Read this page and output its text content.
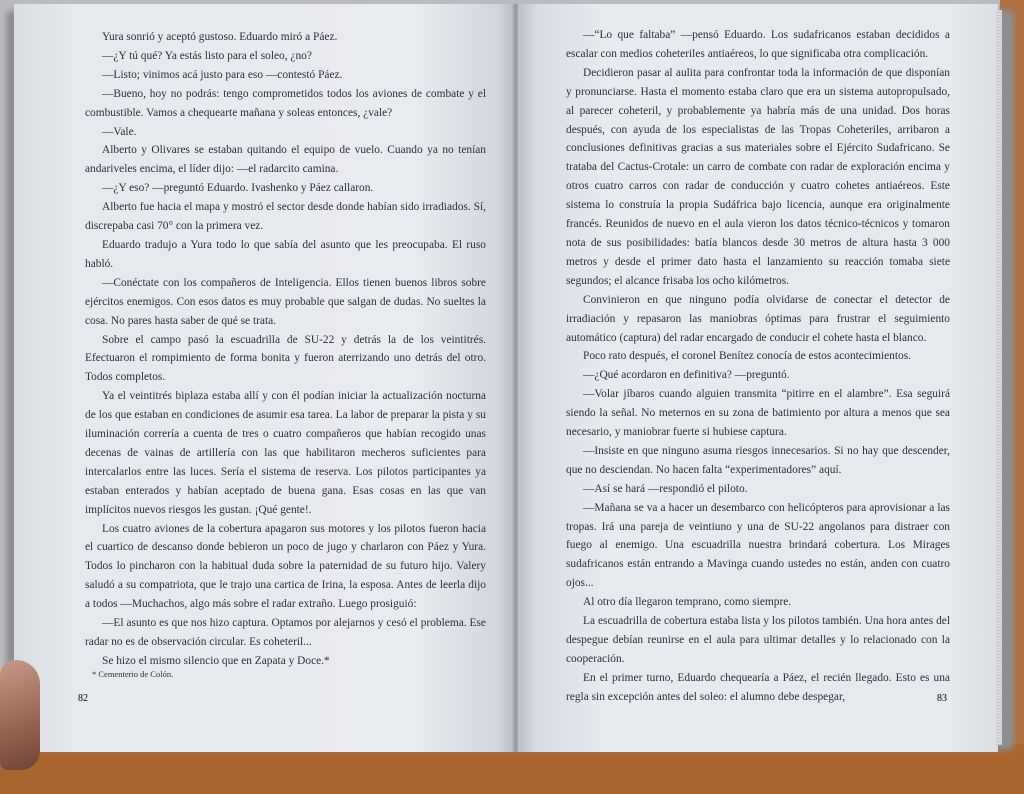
Yura sonrió y aceptó gustoso. Eduardo miró a Páez.

—¿Y tú qué? Ya estás listo para el soleo, ¿no?

—Listo; vinimos acá justo para eso —contestó Páez.

—Bueno, hoy no podrás: tengo comprometidos todos los aviones de combate y el combustible. Vamos a chequearte mañana y soleas entonces, ¿vale?

—Vale.

Alberto y Olivares se estaban quitando el equipo de vuelo. Cuando ya no tenían andariveles encima, el líder dijo: —el radarcito camina.

—¿Y eso? —preguntó Eduardo. Ivashenko y Páez callaron.

Alberto fue hacia el mapa y mostró el sector desde donde habían sido irradiados. Sí, discrepaba casi 70° con la primera vez.

Eduardo tradujo a Yura todo lo que sabía del asunto que les preocupaba. El ruso habló.

—Conéctate con los compañeros de Inteligencia. Ellos tienen buenos libros sobre ejércitos enemigos. Con esos datos es muy probable que salgan de dudas. No sueltes la cosa. No pares hasta saber de qué se trata.

Sobre el campo pasó la escuadrilla de SU-22 y detrás la de los veintitrés. Efectuaron el rompimiento de forma bonita y fueron aterrizando uno detrás del otro. Todos completos.

Ya el veintitrés biplaza estaba allí y con él podían iniciar la actualización nocturna de los que estaban en condiciones de asumir esa tarea. La labor de preparar la pista y su iluminación correría a cuenta de tres o cuatro compañeros que habían recogido unas decenas de vainas de artillería con las que habilitaron mecheros suficientes para intercalarlos entre las luces. Sería el sistema de reserva. Los pilotos participantes ya estaban enterados y habían aceptado de buena gana. Esas cosas en las que van implícitos nuevos riesgos les gustan. ¡Qué gente!.

Los cuatro aviones de la cobertura apagaron sus motores y los pilotos fueron hacia el cuartico de descanso donde bebieron un poco de jugo y charlaron con Páez y Yura. Todos lo pincharon con la habitual duda sobre la paternidad de su futuro hijo. Valery saludó a su compatriota, que le trajo una cartica de Irina, la esposa. Antes de leerla dijo a todos —Muchachos, algo más sobre el radar extraño. Luego prosiguió:

—El asunto es que nos hizo captura. Optamos por alejarnos y cesó el problema. Ese radar no es de observación circular. Es coheteril...

Se hizo el mismo silencio que en Zapata y Doce.*

* Cementerio de Colón.
82

—“Lo que faltaba” —pensó Eduardo. Los sudafricanos estaban decididos a escalar con medios coheteriles antiaéreos, lo que significaba otra complicación.

Decidieron pasar al aulita para confrontar toda la información de que disponían y pronunciarse. Hasta el momento estaba claro que era un sistema autopropulsado, al parecer coheteril, y probablemente ya habría más de una unidad. Dos horas después, con ayuda de los especialistas de las Tropas Coheteriles, arribaron a conclusiones definitivas gracias a sus materiales sobre el Ejército Sudafricano. Se trataba del Cactus-Crotale: un carro de combate con radar de exploración encima y otros cuatro carros con radar de conducción y cuatro cohetes antiaéreos. Este sistema lo construía la propia Sudáfrica bajo licencia, aunque era originalmente francés. Reunidos de nuevo en el aula vieron los datos técnico-técnicos y tomaron nota de sus posibilidades: batía blancos desde 30 metros de altura hasta 3 000 metros y desde el primer dato hasta el lanzamiento su reacción tomaba siete segundos; el alcance frisaba los ocho kilómetros.

Convinieron en que ninguno podía olvidarse de conectar el detector de irradiación y repasaron las maniobras óptimas para frustrar el seguimiento automático (captura) del radar encargado de conducir el cohete hasta el blanco.

Poco rato después, el coronel Benítez conocía de estos acontecimientos.

—¿Qué acordaron en definitiva? —preguntó.

—Volar jíbaros cuando alguien transmita “pitirre en el alambre”. Esa seguirá siendo la señal. No meternos en su zona de batimiento por altura a menos que sea necesario, y maniobrar fuerte si hubiese captura.

—Insiste en que ninguno asuma riesgos innecesarios. Si no hay que descender, que no desciendan. No hacen falta “experimentadores” aquí.

—Así se hará —respondió el piloto.

—Mañana se va a hacer un desembarco con helicópteros para aprovisionar a las tropas. Irá una pareja de veintiuno y una de SU-22 angolanos para distraer con fuego al enemigo. Una escuadrilla nuestra brindará cobertura. Los Mirages sudafricanos están entrando a Mavinga cuando ustedes no están, anden con cuatro ojos...

Al otro día llegaron temprano, como siempre.

La escuadrilla de cobertura estaba lista y los pilotos también. Una hora antes del despegue debían reunirse en el aula para ultimar detalles y lo relacionado con la cooperación.

En el primer turno, Eduardo chequearía a Páez, el recién llegado. Esto es una regla sin excepción antes del soleo: el alumno debe despegar,	83
